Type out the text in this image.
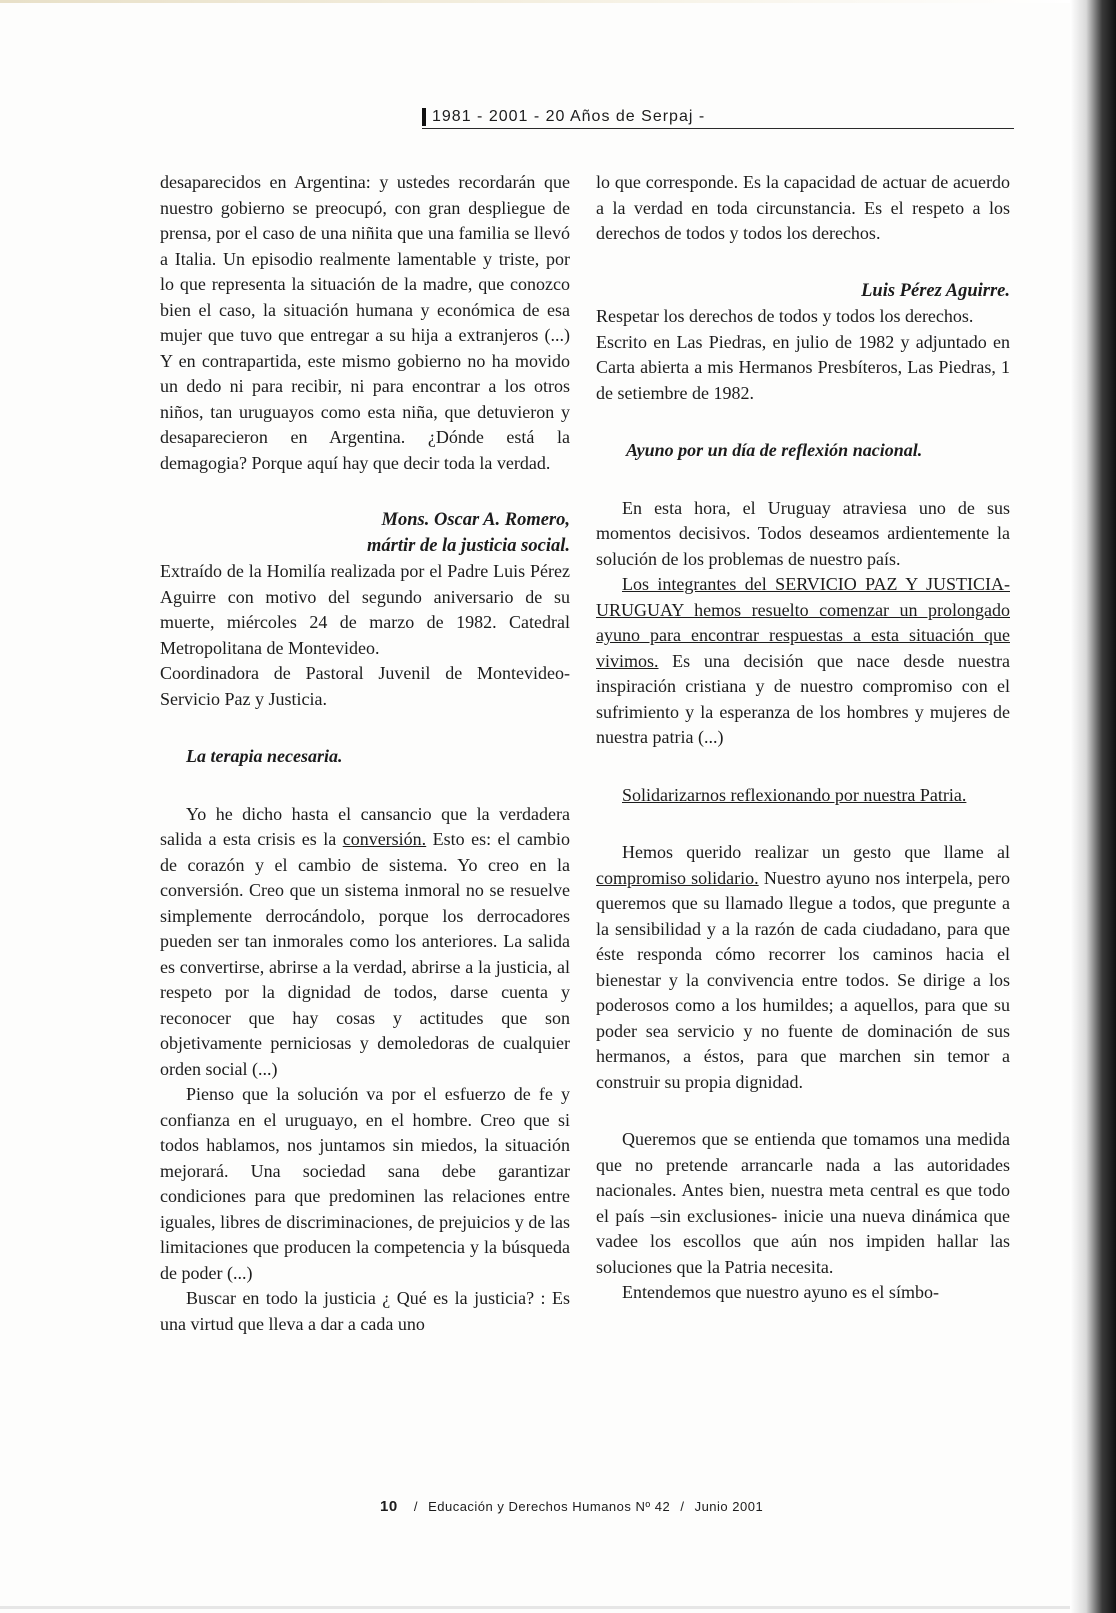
1981 - 2001 - 20 Años de Serpaj -

desaparecidos en Argentina: y ustedes recordarán que nuestro gobierno se preocupó, con gran despliegue de prensa, por el caso de una niñita que una familia se llevó a Italia. Un episodio realmente lamentable y triste, por lo que representa la situación de la madre, que conozco bien el caso, la situación humana y económica de esa mujer que tuvo que entregar a su hija a extranjeros (...) Y en contrapartida, este mismo gobierno no ha movido un dedo ni para recibir, ni para encontrar a los otros niños, tan uruguayos como esta niña, que detuvieron y desaparecieron en Argentina. ¿Dónde está la demagogia? Porque aquí hay que decir toda la verdad.

Mons. Oscar A. Romero,

mártir de la justicia social.

Extraído de la Homilía realizada por el Padre Luis Pérez Aguirre con motivo del segundo aniversario de su muerte, miércoles 24 de marzo de 1982. Catedral Metropolitana de Montevideo.

Coordinadora de Pastoral Juvenil de Montevideo- Servicio Paz y Justicia.

La terapia necesaria.

Yo he dicho hasta el cansancio que la verdadera salida a esta crisis es la conversión. Esto es: el cambio de corazón y el cambio de sistema. Yo creo en la conversión. Creo que un sistema inmoral no se resuelve simplemente derrocándolo, porque los derrocadores pueden ser tan inmorales como los anteriores. La salida es convertirse, abrirse a la verdad, abrirse a la justicia, al respeto por la dignidad de todos, darse cuenta y reconocer que hay cosas y actitudes que son objetivamente perniciosas y demoledoras de cualquier orden social (...)

Pienso que la solución va por el esfuerzo de fe y confianza en el uruguayo, en el hombre. Creo que si todos hablamos, nos juntamos sin miedos, la situación mejorará. Una sociedad sana debe garantizar condiciones para que predominen las relaciones entre iguales, libres de discriminaciones, de prejuicios y de las limitaciones que producen la competencia y la búsqueda de poder (...)

Buscar en todo la justicia ¿ Qué es la justicia? : Es una virtud que lleva a dar a cada uno

lo que corresponde. Es la capacidad de actuar de acuerdo a la verdad en toda circunstancia. Es el respeto a los derechos de todos y todos los derechos.

Luis Pérez Aguirre.

Respetar los derechos de todos y todos los derechos.

Escrito en Las Piedras, en julio de 1982 y adjuntado en Carta abierta a mis Hermanos Presbíteros, Las Piedras, 1 de setiembre de 1982.

Ayuno por un día de reflexión nacional.

En esta hora, el Uruguay atraviesa uno de sus momentos decisivos. Todos deseamos ardientemente la solución de los problemas de nuestro país.

Los integrantes del SERVICIO PAZ Y JUSTICIA-URUGUAY hemos resuelto comenzar un prolongado ayuno para encontrar respuestas a esta situación que vivimos. Es una decisión que nace desde nuestra inspiración cristiana y de nuestro compromiso con el sufrimiento y la esperanza de los hombres y mujeres de nuestra patria (...)

Solidarizarnos reflexionando por nuestra Patria.

Hemos querido realizar un gesto que llame al compromiso solidario. Nuestro ayuno nos interpela, pero queremos que su llamado llegue a todos, que pregunte a la sensibilidad y a la razón de cada ciudadano, para que éste responda cómo recorrer los caminos hacia el bienestar y la convivencia entre todos. Se dirige a los poderosos como a los humildes; a aquellos, para que su poder sea servicio y no fuente de dominación de sus hermanos, a éstos, para que marchen sin temor a construir su propia dignidad.

Queremos que se entienda que tomamos una medida que no pretende arrancarle nada a las autoridades nacionales. Antes bien, nuestra meta central es que todo el país –sin exclusiones- inicie una nueva dinámica que vadee los escollos que aún nos impiden hallar las soluciones que la Patria necesita.

Entendemos que nuestro ayuno es el símbo-

10 / Educación y Derechos Humanos Nº 42 / Junio 2001
